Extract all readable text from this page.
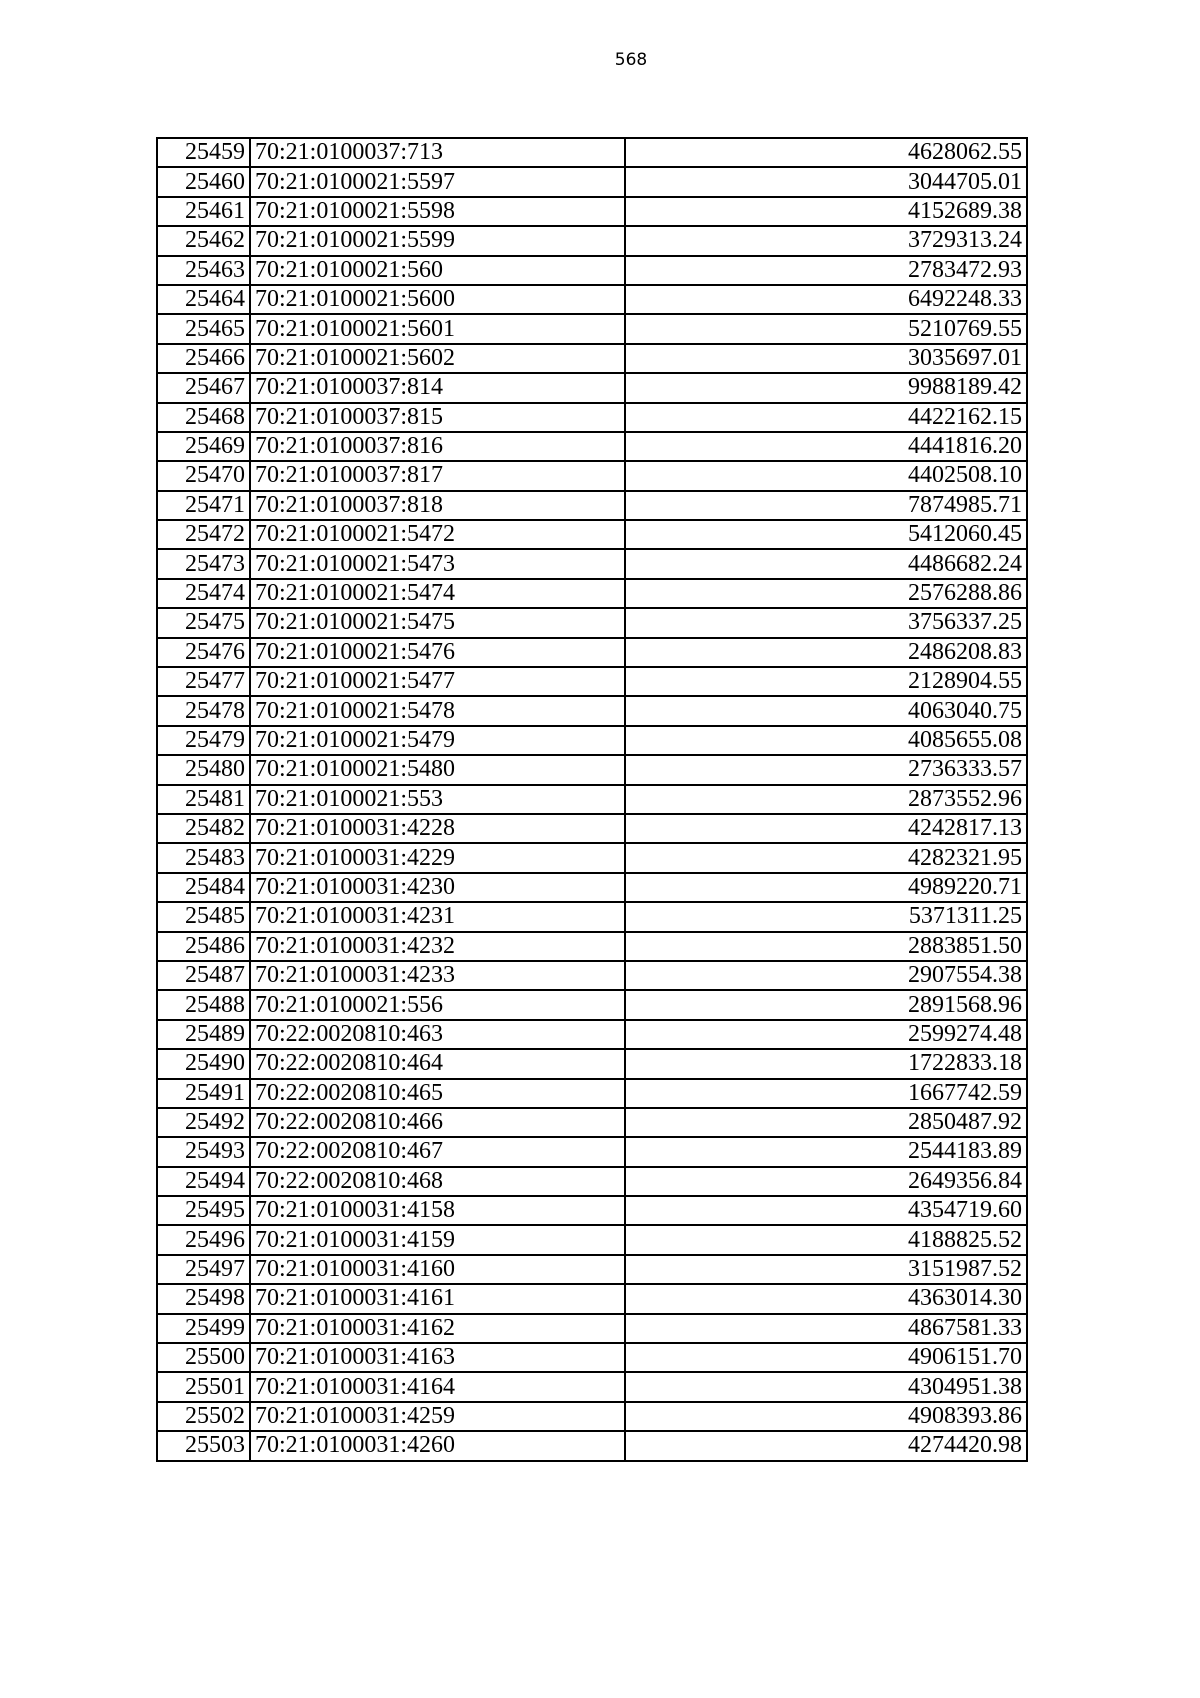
568
25459	70:21:0100037:713	4628062.55
25460	70:21:0100021:5597	3044705.01
25461	70:21:0100021:5598	4152689.38
25462	70:21:0100021:5599	3729313.24
25463	70:21:0100021:560	2783472.93
25464	70:21:0100021:5600	6492248.33
25465	70:21:0100021:5601	5210769.55
25466	70:21:0100021:5602	3035697.01
25467	70:21:0100037:814	9988189.42
25468	70:21:0100037:815	4422162.15
25469	70:21:0100037:816	4441816.20
25470	70:21:0100037:817	4402508.10
25471	70:21:0100037:818	7874985.71
25472	70:21:0100021:5472	5412060.45
25473	70:21:0100021:5473	4486682.24
25474	70:21:0100021:5474	2576288.86
25475	70:21:0100021:5475	3756337.25
25476	70:21:0100021:5476	2486208.83
25477	70:21:0100021:5477	2128904.55
25478	70:21:0100021:5478	4063040.75
25479	70:21:0100021:5479	4085655.08
25480	70:21:0100021:5480	2736333.57
25481	70:21:0100021:553	2873552.96
25482	70:21:0100031:4228	4242817.13
25483	70:21:0100031:4229	4282321.95
25484	70:21:0100031:4230	4989220.71
25485	70:21:0100031:4231	5371311.25
25486	70:21:0100031:4232	2883851.50
25487	70:21:0100031:4233	2907554.38
25488	70:21:0100021:556	2891568.96
25489	70:22:0020810:463	2599274.48
25490	70:22:0020810:464	1722833.18
25491	70:22:0020810:465	1667742.59
25492	70:22:0020810:466	2850487.92
25493	70:22:0020810:467	2544183.89
25494	70:22:0020810:468	2649356.84
25495	70:21:0100031:4158	4354719.60
25496	70:21:0100031:4159	4188825.52
25497	70:21:0100031:4160	3151987.52
25498	70:21:0100031:4161	4363014.30
25499	70:21:0100031:4162	4867581.33
25500	70:21:0100031:4163	4906151.70
25501	70:21:0100031:4164	4304951.38
25502	70:21:0100031:4259	4908393.86
25503	70:21:0100031:4260	4274420.98
